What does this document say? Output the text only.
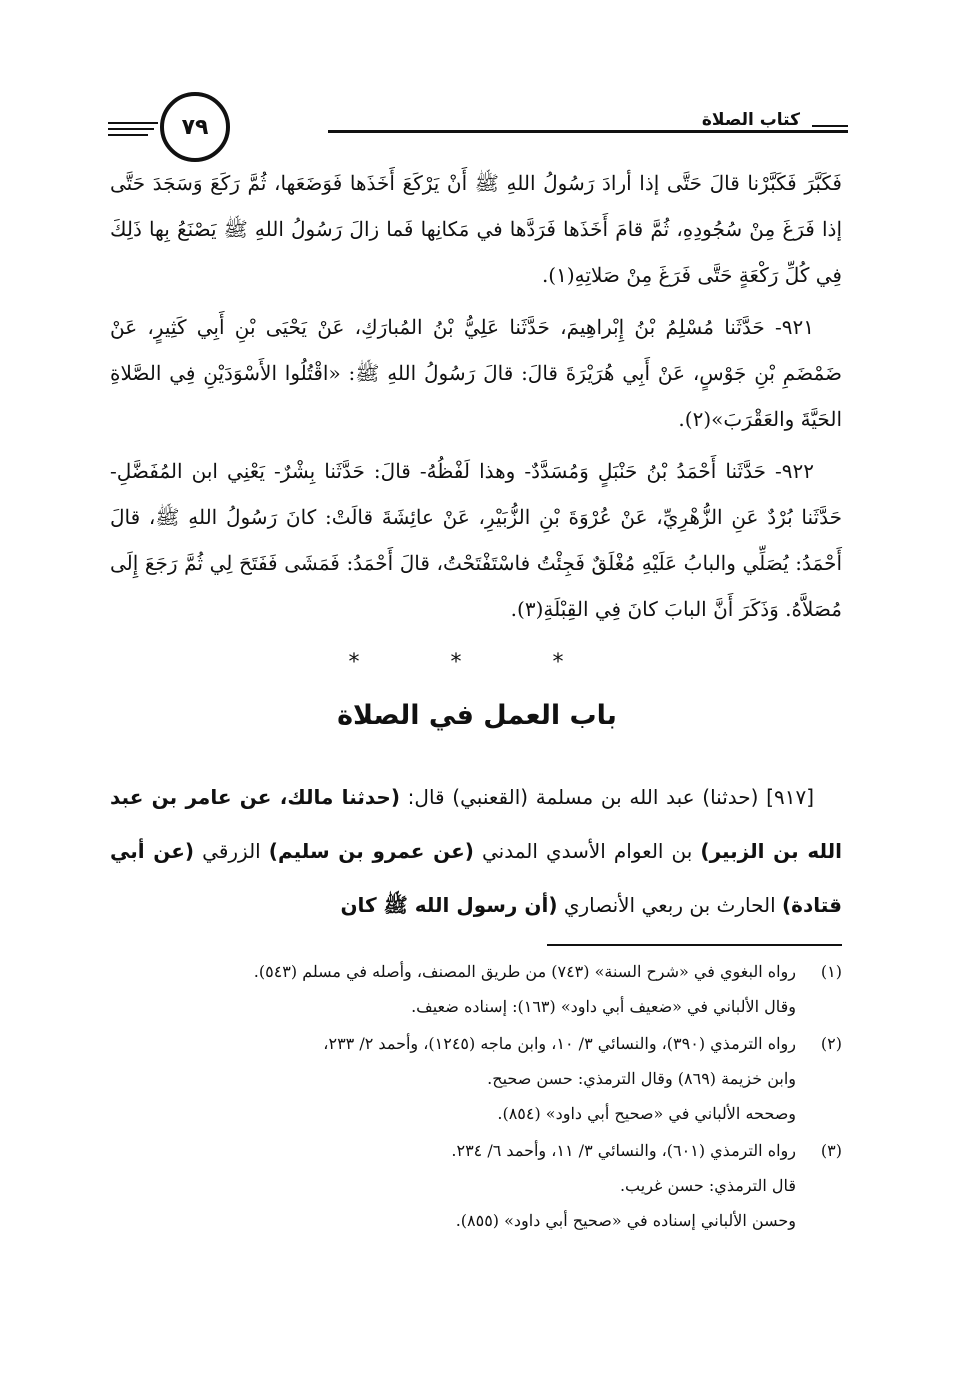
كتاب الصلاة
٧٩

فَكَبَّرَ فَكَبَّرْنا قالَ حَتَّى إذا أرادَ رَسُولُ اللهِ ﷺ أَنْ يَرْكَعَ أَخَذَها فَوَضَعَها، ثُمَّ رَكَعَ وَسَجَدَ حَتَّى إذا فَرَغَ مِنْ سُجُودِهِ، ثُمَّ قامَ أَخَذَها فَرَدَّها في مَكانِها فَما زالَ رَسُولُ اللهِ ﷺ يَصْنَعُ بِها ذَلِكَ فِي كُلِّ رَكْعَةٍ حَتَّى فَرَغَ مِنْ صَلاتِهِ(١).

٩٢١- حَدَّثَنا مُسْلِمُ بْنُ إِبْراهِيمَ، حَدَّثَنا عَلِيُّ بْنُ المُبارَكِ، عَنْ يَحْيَى بْنِ أَبِي كَثِيرٍ، عَنْ ضَمْضَمِ بْنِ جَوْسٍ، عَنْ أَبِي هُرَيْرَةَ قالَ: قالَ رَسُولُ اللهِ ﷺ: «اقْتُلُوا الأَسْوَدَيْنِ فِي الصَّلاةِ الحَيَّةَ والعَقْرَبَ»(٢).

٩٢٢- حَدَّثَنا أَحْمَدُ بْنُ حَنْبَلٍ وَمُسَدَّدٌ- وهذا لَفْظُهُ- قالَ: حَدَّثَنا بِشْرٌ- يَعْنِي ابن المُفَضَّلِ- حَدَّثَنا بُرْدٌ عَنِ الزُّهْرِيِّ، عَنْ عُرْوَةَ بْنِ الزُّبَيْرِ، عَنْ عائِشَةَ قالَتْ: كانَ رَسُولُ اللهِ ﷺ، قالَ أَحْمَدُ: يُصَلِّي والبابُ عَلَيْهِ مُغْلَقٌ فَجِئْتُ فاسْتَفْتَحْتُ، قالَ أَحْمَدُ: فَمَشَى فَفَتَحَ لِي ثُمَّ رَجَعَ إِلَى مُصَلاَّهُ. وَذَكَرَ أَنَّ البابَ كانَ فِي القِبْلَةِ(٣).

* * *
باب العمل في الصلاة

[٩١٧] (حدثنا) عبد الله بن مسلمة (القعنبي) قال: (حدثنا مالك، عن عامر بن عبد الله بن الزبير) بن العوام الأسدي المدني (عن عمرو بن سليم) الزرقي (عن أبي قتادة) الحارث بن ربعي الأنصاري (أن رسول الله ﷺ كان

(١)
رواه البغوي في «شرح السنة» (٧٤٣) من طريق المصنف، وأصله في مسلم (٥٤٣).
وقال الألباني في «ضعيف أبي داود» (١٦٣): إسناده ضعيف.
(٢)
رواه الترمذي (٣٩٠)، والنسائي ٣/ ١٠، وابن ماجه (١٢٤٥)، وأحمد ٢/ ٢٣٣،
وابن خزيمة (٨٦٩) وقال الترمذي: حسن صحيح.
وصححه الألباني في «صحيح أبي داود» (٨٥٤).
(٣)
رواه الترمذي (٦٠١)، والنسائي ٣/ ١١، وأحمد ٦/ ٢٣٤.
قال الترمذي: حسن غريب.
وحسن الألباني إسناده في «صحيح أبي داود» (٨٥٥).
